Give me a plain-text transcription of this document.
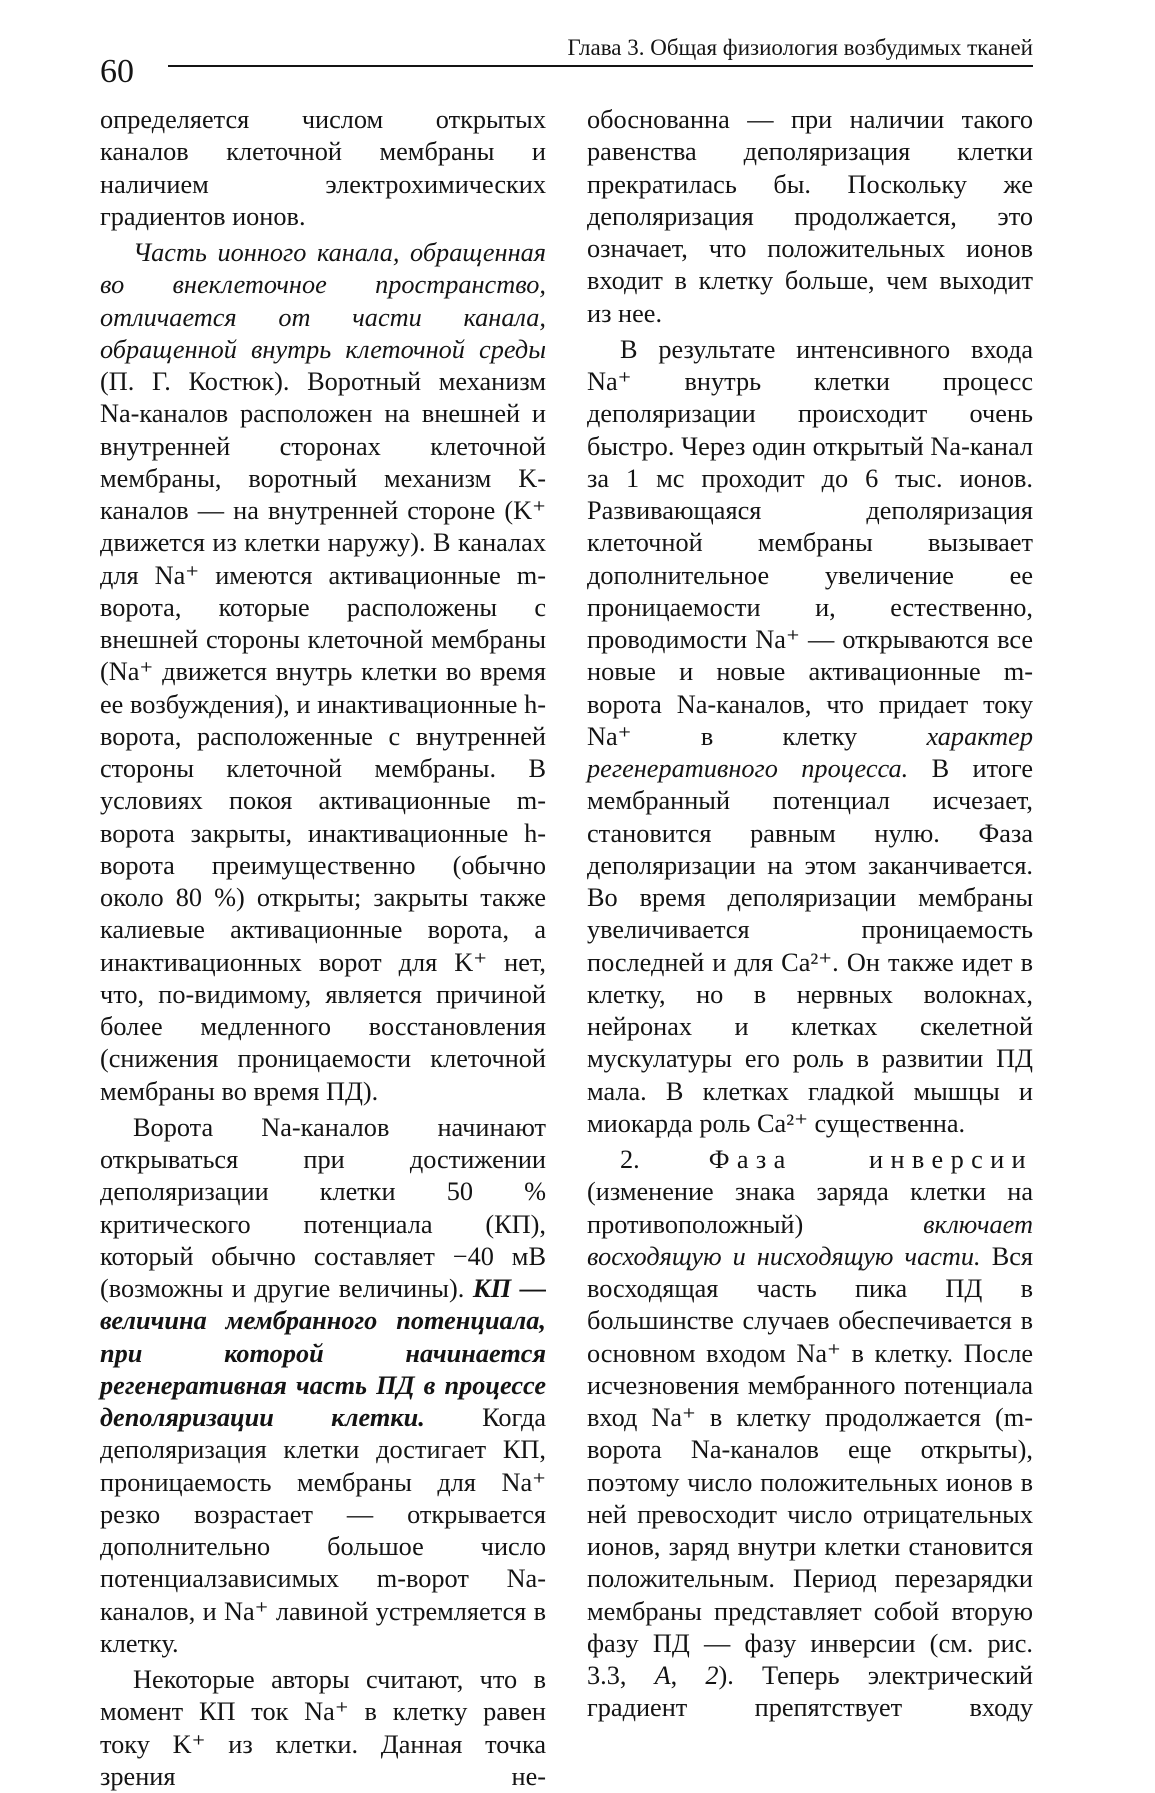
60
Глава 3. Общая физиология возбудимых тканей

определяется числом открытых каналов клеточной мембраны и наличием электрохимических градиентов ионов.

Часть ионного канала, обращенная во внеклеточное пространство, отличается от части канала, обращенной внутрь клеточной среды (П. Г. Костюк). Воротный механизм Na-каналов расположен на внешней и внутренней сторонах клеточной мембраны, воротный механизм K-каналов — на внутренней стороне (K⁺ движется из клетки наружу). В каналах для Na⁺ имеются активационные m-ворота, которые расположены с внешней стороны клеточной мембраны (Na⁺ движется внутрь клетки во время ее возбуждения), и инактивационные h-ворота, расположенные с внутренней стороны клеточной мембраны. В условиях покоя активационные m-ворота закрыты, инактивационные h-ворота преимущественно (обычно около 80 %) открыты; закрыты также калиевые активационные ворота, а инактивационных ворот для K⁺ нет, что, по-видимому, является причиной более медленного восстановления (снижения проницаемости клеточной мембраны во время ПД).

Ворота Na-каналов начинают открываться при достижении деполяризации клетки 50 % критического потенциала (КП), который обычно составляет −40 мВ (возможны и другие величины). КП — величина мембранного потенциала, при которой начинается регенеративная часть ПД в процессе деполяризации клетки. Когда деполяризация клетки достигает КП, проницаемость мембраны для Na⁺ резко возрастает — открывается дополнительно большое число потенциалзависимых m-ворот Na-каналов, и Na⁺ лавиной устремляется в клетку.

Некоторые авторы считают, что в момент КП ток Na⁺ в клетку равен току K⁺ из клетки. Данная точка зрения не-

обоснованна — при наличии такого равенства деполяризация клетки прекратилась бы. Поскольку же деполяризация продолжается, это означает, что положительных ионов входит в клетку больше, чем выходит из нее.

В результате интенсивного входа Na⁺ внутрь клетки процесс деполяризации происходит очень быстро. Через один открытый Na-канал за 1 мс проходит до 6 тыс. ионов. Развивающаяся деполяризация клеточной мембраны вызывает дополнительное увеличение ее проницаемости и, естественно, проводимости Na⁺ — открываются все новые и новые активационные m-ворота Na-каналов, что придает току Na⁺ в клетку характер регенеративного процесса. В итоге мембранный потенциал исчезает, становится равным нулю. Фаза деполяризации на этом заканчивается. Во время деполяризации мембраны увеличивается проницаемость последней и для Ca²⁺. Он также идет в клетку, но в нервных волокнах, нейронах и клетках скелетной мускулатуры его роль в развитии ПД мала. В клетках гладкой мышцы и миокарда роль Ca²⁺ существенна.

2. Фаза инверсии (изменение знака заряда клетки на противоположный) включает восходящую и нисходящую части. Вся восходящая часть пика ПД в большинстве случаев обеспечивается в основном входом Na⁺ в клетку. После исчезновения мембранного потенциала вход Na⁺ в клетку продолжается (m-ворота Na-каналов еще открыты), поэтому число положительных ионов в ней превосходит число отрицательных ионов, заряд внутри клетки становится положительным. Период перезарядки мембраны представляет собой вторую фазу ПД — фазу инверсии (см. рис. 3.3, А, 2). Теперь электрический градиент препятствует входу
